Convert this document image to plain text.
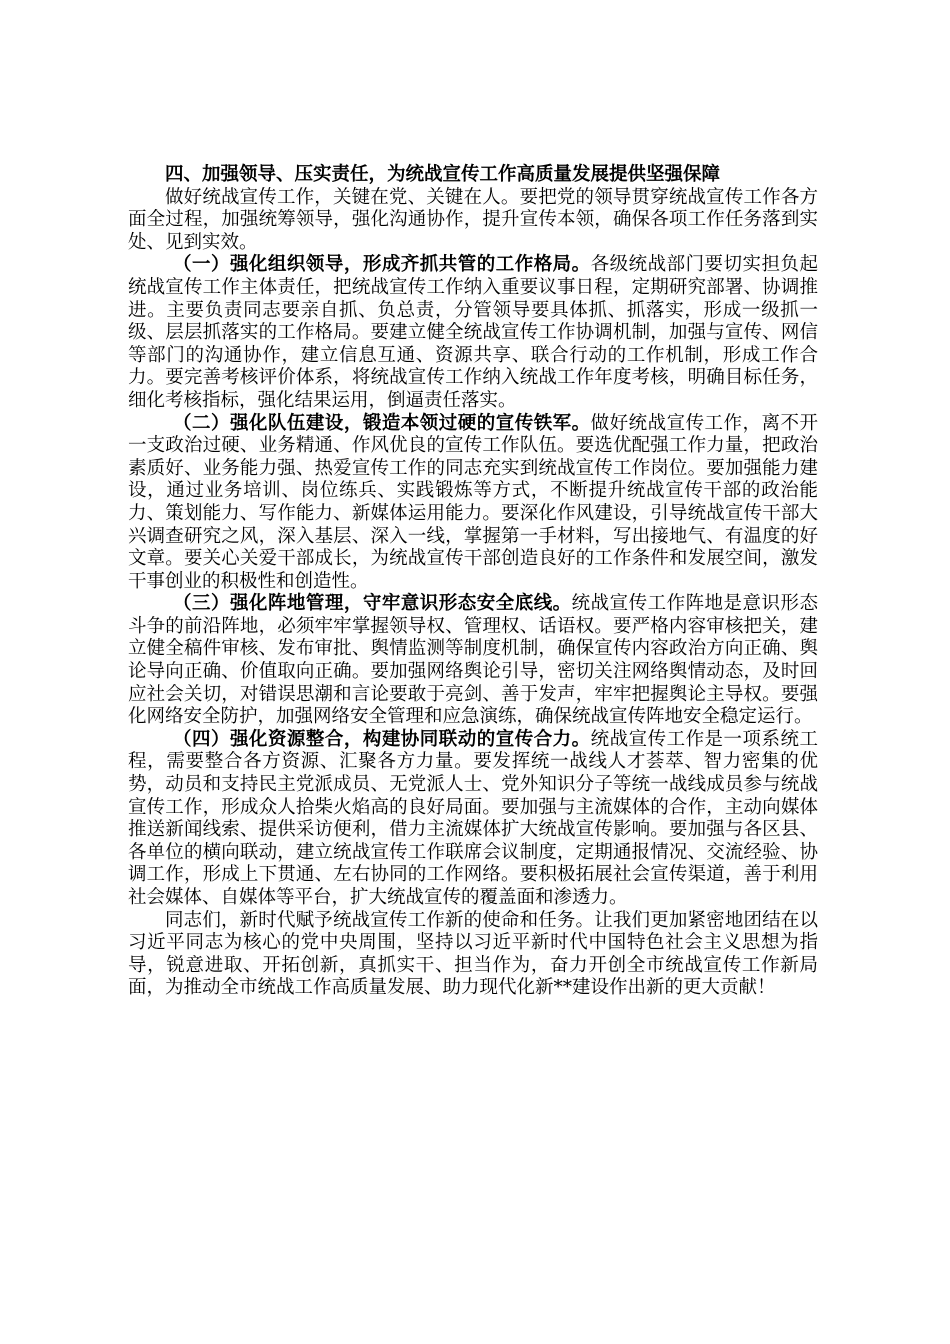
四、加强领导、压实责任，为统战宣传工作高质量发展提供坚强保障

做好统战宣传工作，关键在党、关键在人。要把党的领导贯穿统战宣传工作各方面全过程，加强统筹领导，强化沟通协作，提升宣传本领，确保各项工作任务落到实处、见到实效。

（一）强化组织领导，形成齐抓共管的工作格局。各级统战部门要切实担负起统战宣传工作主体责任，把统战宣传工作纳入重要议事日程，定期研究部署、协调推进。主要负责同志要亲自抓、负总责，分管领导要具体抓、抓落实，形成一级抓一级、层层抓落实的工作格局。要建立健全统战宣传工作协调机制，加强与宣传、网信等部门的沟通协作，建立信息互通、资源共享、联合行动的工作机制，形成工作合力。要完善考核评价体系，将统战宣传工作纳入统战工作年度考核，明确目标任务，细化考核指标，强化结果运用，倒逼责任落实。

（二）强化队伍建设，锻造本领过硬的宣传铁军。做好统战宣传工作，离不开一支政治过硬、业务精通、作风优良的宣传工作队伍。要选优配强工作力量，把政治素质好、业务能力强、热爱宣传工作的同志充实到统战宣传工作岗位。要加强能力建设，通过业务培训、岗位练兵、实践锻炼等方式，不断提升统战宣传干部的政治能力、策划能力、写作能力、新媒体运用能力。要深化作风建设，引导统战宣传干部大兴调查研究之风，深入基层、深入一线，掌握第一手材料，写出接地气、有温度的好文章。要关心关爱干部成长，为统战宣传干部创造良好的工作条件和发展空间，激发干事创业的积极性和创造性。

（三）强化阵地管理，守牢意识形态安全底线。统战宣传工作阵地是意识形态斗争的前沿阵地，必须牢牢掌握领导权、管理权、话语权。要严格内容审核把关，建立健全稿件审核、发布审批、舆情监测等制度机制，确保宣传内容政治方向正确、舆论导向正确、价值取向正确。要加强网络舆论引导，密切关注网络舆情动态，及时回应社会关切，对错误思潮和言论要敢于亮剑、善于发声，牢牢把握舆论主导权。要强化网络安全防护，加强网络安全管理和应急演练，确保统战宣传阵地安全稳定运行。

（四）强化资源整合，构建协同联动的宣传合力。统战宣传工作是一项系统工程，需要整合各方资源、汇聚各方力量。要发挥统一战线人才荟萃、智力密集的优势，动员和支持民主党派成员、无党派人士、党外知识分子等统一战线成员参与统战宣传工作，形成众人拾柴火焰高的良好局面。要加强与主流媒体的合作，主动向媒体推送新闻线索、提供采访便利，借力主流媒体扩大统战宣传影响。要加强与各区县、各单位的横向联动，建立统战宣传工作联席会议制度，定期通报情况、交流经验、协调工作，形成上下贯通、左右协同的工作网络。要积极拓展社会宣传渠道，善于利用社会媒体、自媒体等平台，扩大统战宣传的覆盖面和渗透力。

同志们，新时代赋予统战宣传工作新的使命和任务。让我们更加紧密地团结在以习近平同志为核心的党中央周围，坚持以习近平新时代中国特色社会主义思想为指导，锐意进取、开拓创新，真抓实干、担当作为，奋力开创全市统战宣传工作新局面，为推动全市统战工作高质量发展、助力现代化新**建设作出新的更大贡献！
